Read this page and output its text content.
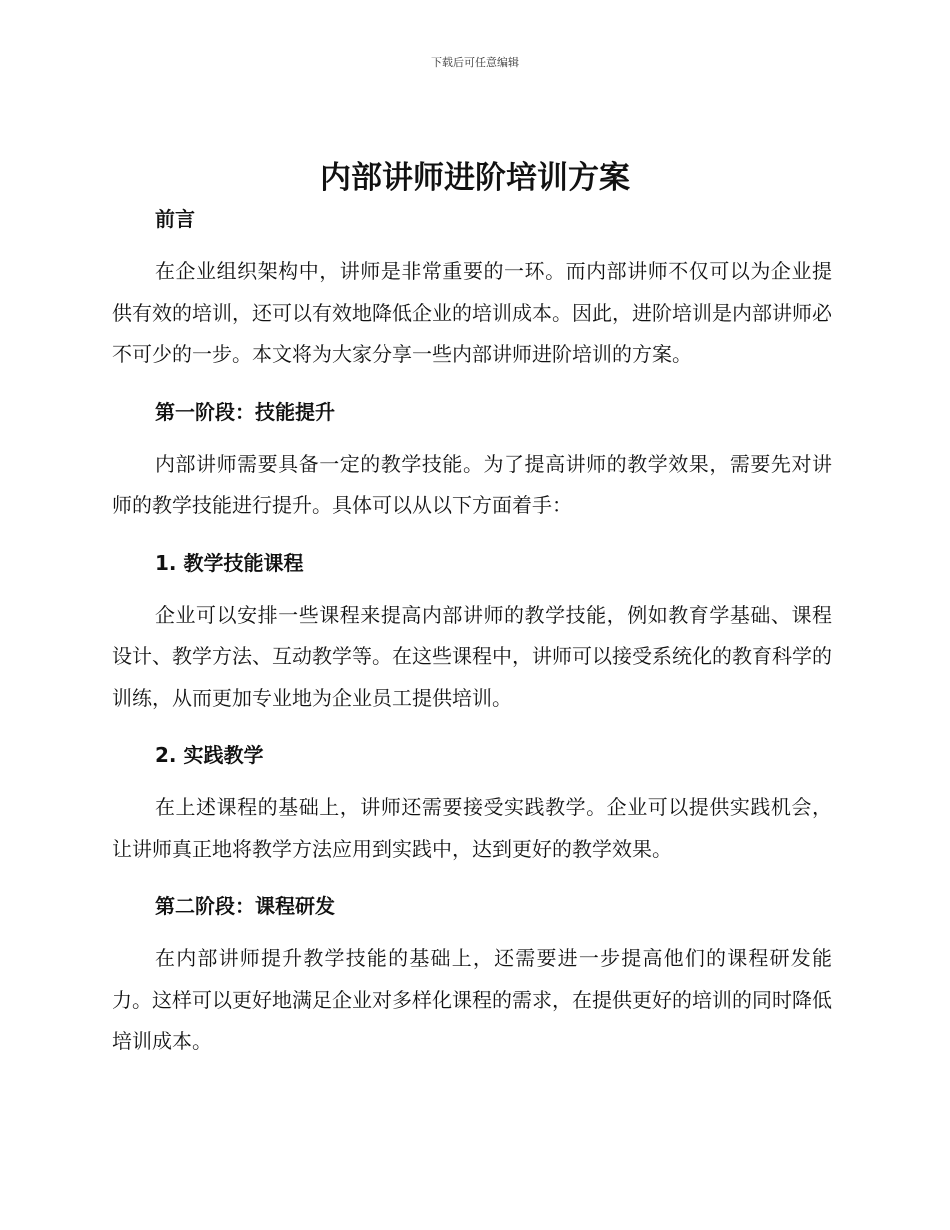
下载后可任意编辑
内部讲师进阶培训方案

前言

在企业组织架构中，讲师是非常重要的一环。而内部讲师不仅可以为企业提供有效的培训，还可以有效地降低企业的培训成本。因此，进阶培训是内部讲师必不可少的一步。本文将为大家分享一些内部讲师进阶培训的方案。

第一阶段：技能提升

内部讲师需要具备一定的教学技能。为了提高讲师的教学效果，需要先对讲师的教学技能进行提升。具体可以从以下方面着手：

1. 教学技能课程

企业可以安排一些课程来提高内部讲师的教学技能，例如教育学基础、课程设计、教学方法、互动教学等。在这些课程中，讲师可以接受系统化的教育科学的训练，从而更加专业地为企业员工提供培训。

2. 实践教学

在上述课程的基础上，讲师还需要接受实践教学。企业可以提供实践机会，让讲师真正地将教学方法应用到实践中，达到更好的教学效果。

第二阶段：课程研发

在内部讲师提升教学技能的基础上，还需要进一步提高他们的课程研发能力。这样可以更好地满足企业对多样化课程的需求，在提供更好的培训的同时降低培训成本。
